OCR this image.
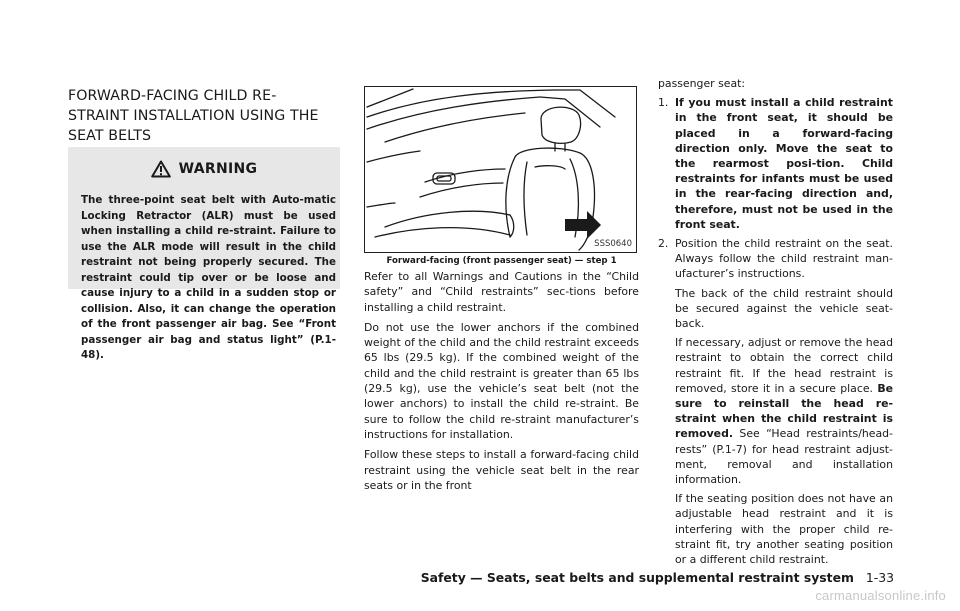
FORWARD-FACING CHILD RE-
STRAINT INSTALLATION USING THE
SEAT BELTS
WARNING
The three-point seat belt with Auto-matic Locking Retractor (ALR) must be used when installing a child re-straint. Failure to use the ALR mode will result in the child restraint not being properly secured. The restraint could tip over or be loose and cause injury to a child in a sudden stop or collision. Also, it can change the operation of the front passenger air bag. See “Front passenger air bag and status light” (P.1-48).
SSS0640
Forward-facing (front passenger seat) — step 1

Refer to all Warnings and Cautions in the “Child safety” and “Child restraints” sec-tions before installing a child restraint.

Do not use the lower anchors if the combined weight of the child and the child restraint exceeds 65 lbs (29.5 kg). If the combined weight of the child and the child restraint is greater than 65 lbs (29.5 kg), use the vehicle’s seat belt (not the lower anchors) to install the child re-straint. Be sure to follow the child re-straint manufacturer’s instructions for installation.

Follow these steps to install a forward-facing child restraint using the vehicle seat belt in the rear seats or in the front

passenger seat:

1. If you must install a child restraint in the front seat, it should be placed in a forward-facing direction only. Move the seat to the rearmost posi-tion. Child restraints for infants must be used in the rear-facing direction and, therefore, must not be used in the front seat.

2. Position the child restraint on the seat. Always follow the child restraint man-ufacturer’s instructions.

The back of the child restraint should be secured against the vehicle seat-back.

If necessary, adjust or remove the head restraint to obtain the correct child restraint fit. If the head restraint is removed, store it in a secure place. Be sure to reinstall the head re-straint when the child restraint is removed. See “Head restraints/head-rests” (P.1-7) for head restraint adjust-ment, removal and installation information.

If the seating position does not have an adjustable head restraint and it is interfering with the proper child re-straint fit, try another seating position or a different child restraint.

Safety — Seats, seat belts and supplemental restraint system 1-33
carmanualsonline.info
